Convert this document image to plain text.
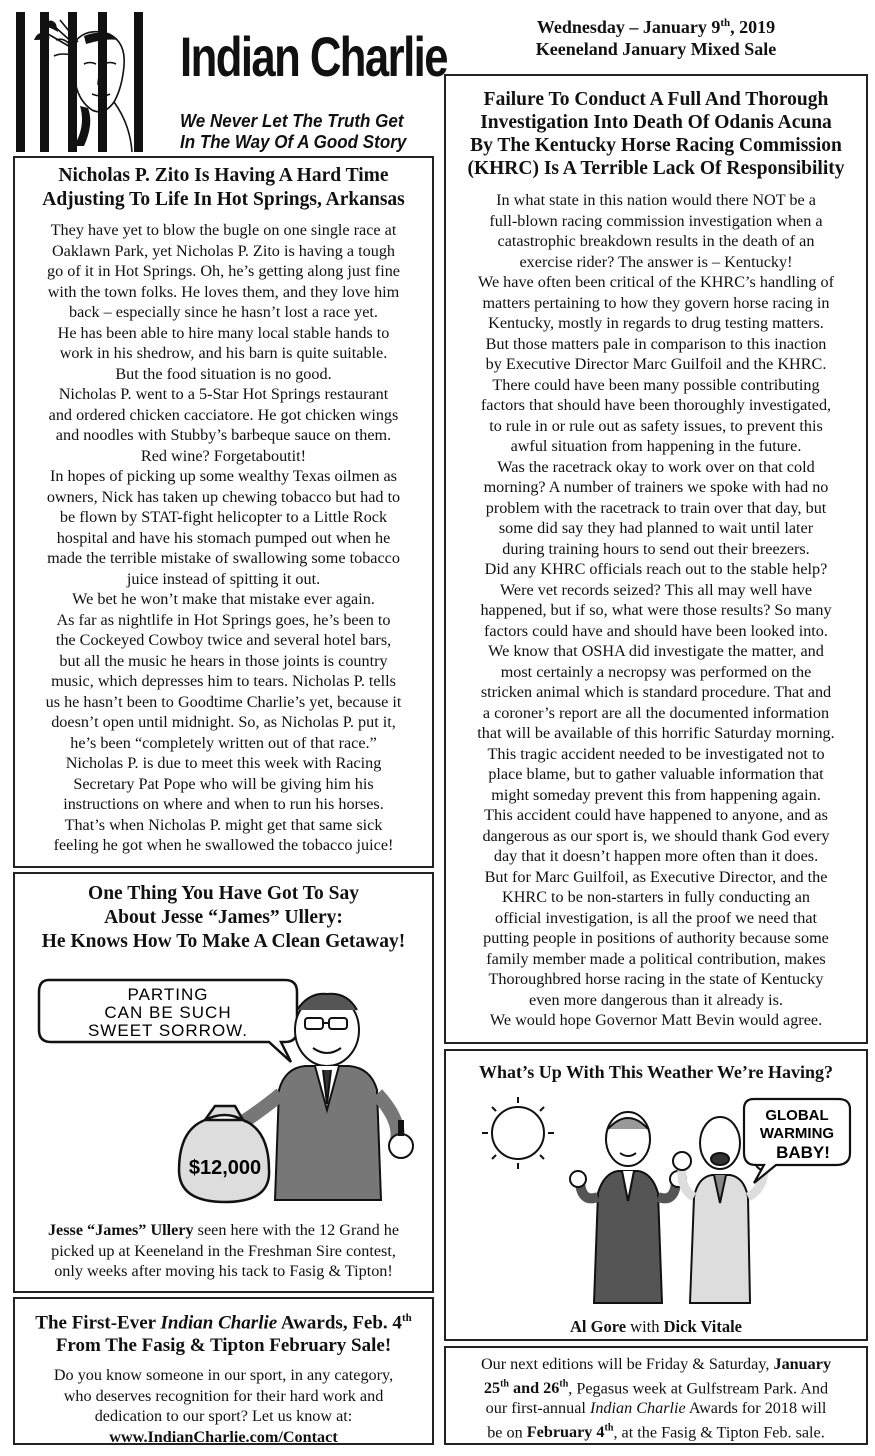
Indian Charlie
We Never Let The Truth Get
In The Way Of A Good Story
Wednesday – January 9th, 2019
Keeneland January Mixed Sale
Nicholas P. Zito Is Having A Hard Time
Adjusting To Life In Hot Springs, Arkansas

They have yet to blow the bugle on one single race at

Oaklawn Park, yet Nicholas P. Zito is having a tough

go of it in Hot Springs. Oh, he’s getting along just fine

with the town folks. He loves them, and they love him

back – especially since he hasn’t lost a race yet.

He has been able to hire many local stable hands to

work in his shedrow, and his barn is quite suitable.

But the food situation is no good.

Nicholas P. went to a 5-Star Hot Springs restaurant

and ordered chicken cacciatore. He got chicken wings

and noodles with Stubby’s barbeque sauce on them.

Red wine? Forgetaboutit!

In hopes of picking up some wealthy Texas oilmen as

owners, Nick has taken up chewing tobacco but had to

be flown by STAT-fight helicopter to a Little Rock

hospital and have his stomach pumped out when he

made the terrible mistake of swallowing some tobacco

juice instead of spitting it out.

We bet he won’t make that mistake ever again.

As far as nightlife in Hot Springs goes, he’s been to

the Cockeyed Cowboy twice and several hotel bars,

but all the music he hears in those joints is country

music, which depresses him to tears. Nicholas P. tells

us he hasn’t been to Goodtime Charlie’s yet, because it

doesn’t open until midnight. So, as Nicholas P. put it,

he’s been “completely written out of that race.”

Nicholas P. is due to meet this week with Racing

Secretary Pat Pope who will be giving him his

instructions on where and when to run his horses.

That’s when Nicholas P. might get that same sick

feeling he got when he swallowed the tobacco juice!

Failure To Conduct A Full And Thorough
Investigation Into Death Of Odanis Acuna
By The Kentucky Horse Racing Commission
(KHRC) Is A Terrible Lack Of Responsibility

In what state in this nation would there NOT be a

full-blown racing commission investigation when a

catastrophic breakdown results in the death of an

exercise rider? The answer is – Kentucky!

We have often been critical of the KHRC’s handling of

matters pertaining to how they govern horse racing in

Kentucky, mostly in regards to drug testing matters.

But those matters pale in comparison to this inaction

by Executive Director Marc Guilfoil and the KHRC.

There could have been many possible contributing

factors that should have been thoroughly investigated,

to rule in or rule out as safety issues, to prevent this

awful situation from happening in the future.

Was the racetrack okay to work over on that cold

morning? A number of trainers we spoke with had no

problem with the racetrack to train over that day, but

some did say they had planned to wait until later

during training hours to send out their breezers.

Did any KHRC officials reach out to the stable help?

Were vet records seized? This all may well have

happened, but if so, what were those results? So many

factors could have and should have been looked into.

We know that OSHA did investigate the matter, and

most certainly a necropsy was performed on the

stricken animal which is standard procedure. That and

a coroner’s report are all the documented information

that will be available of this horrific Saturday morning.

This tragic accident needed to be investigated not to

place blame, but to gather valuable information that

might someday prevent this from happening again.

This accident could have happened to anyone, and as

dangerous as our sport is, we should thank God every

day that it doesn’t happen more often than it does.

But for Marc Guilfoil, as Executive Director, and the

KHRC to be non-starters in fully conducting an

official investigation, is all the proof we need that

putting people in positions of authority because some

family member made a political contribution, makes

Thoroughbred horse racing in the state of Kentucky

even more dangerous than it already is.

We would hope Governor Matt Bevin would agree.

One Thing You Have Got To Say
About Jesse “James” Ullery:
He Knows How To Make A Clean Getaway!
PARTING
CAN BE SUCH
SWEET SORROW.
$12,000

Jesse “James” Ullery seen here with the 12 Grand he

picked up at Keeneland in the Freshman Sire contest,

only weeks after moving his tack to Fasig & Tipton!

The First-Ever Indian Charlie Awards, Feb. 4th
From The Fasig & Tipton February Sale!

Do you know someone in our sport, in any category,

who deserves recognition for their hard work and

dedication to our sport? Let us know at:

www.IndianCharlie.com/Contact

What’s Up With This Weather We’re Having?
GLOBAL
WARMING
BABY!
Al Gore with Dick Vitale

Our next editions will be Friday & Saturday, January

25th and 26th, Pegasus week at Gulfstream Park. And

our first-annual Indian Charlie Awards for 2018 will

be on February 4th, at the Fasig & Tipton Feb. sale.
